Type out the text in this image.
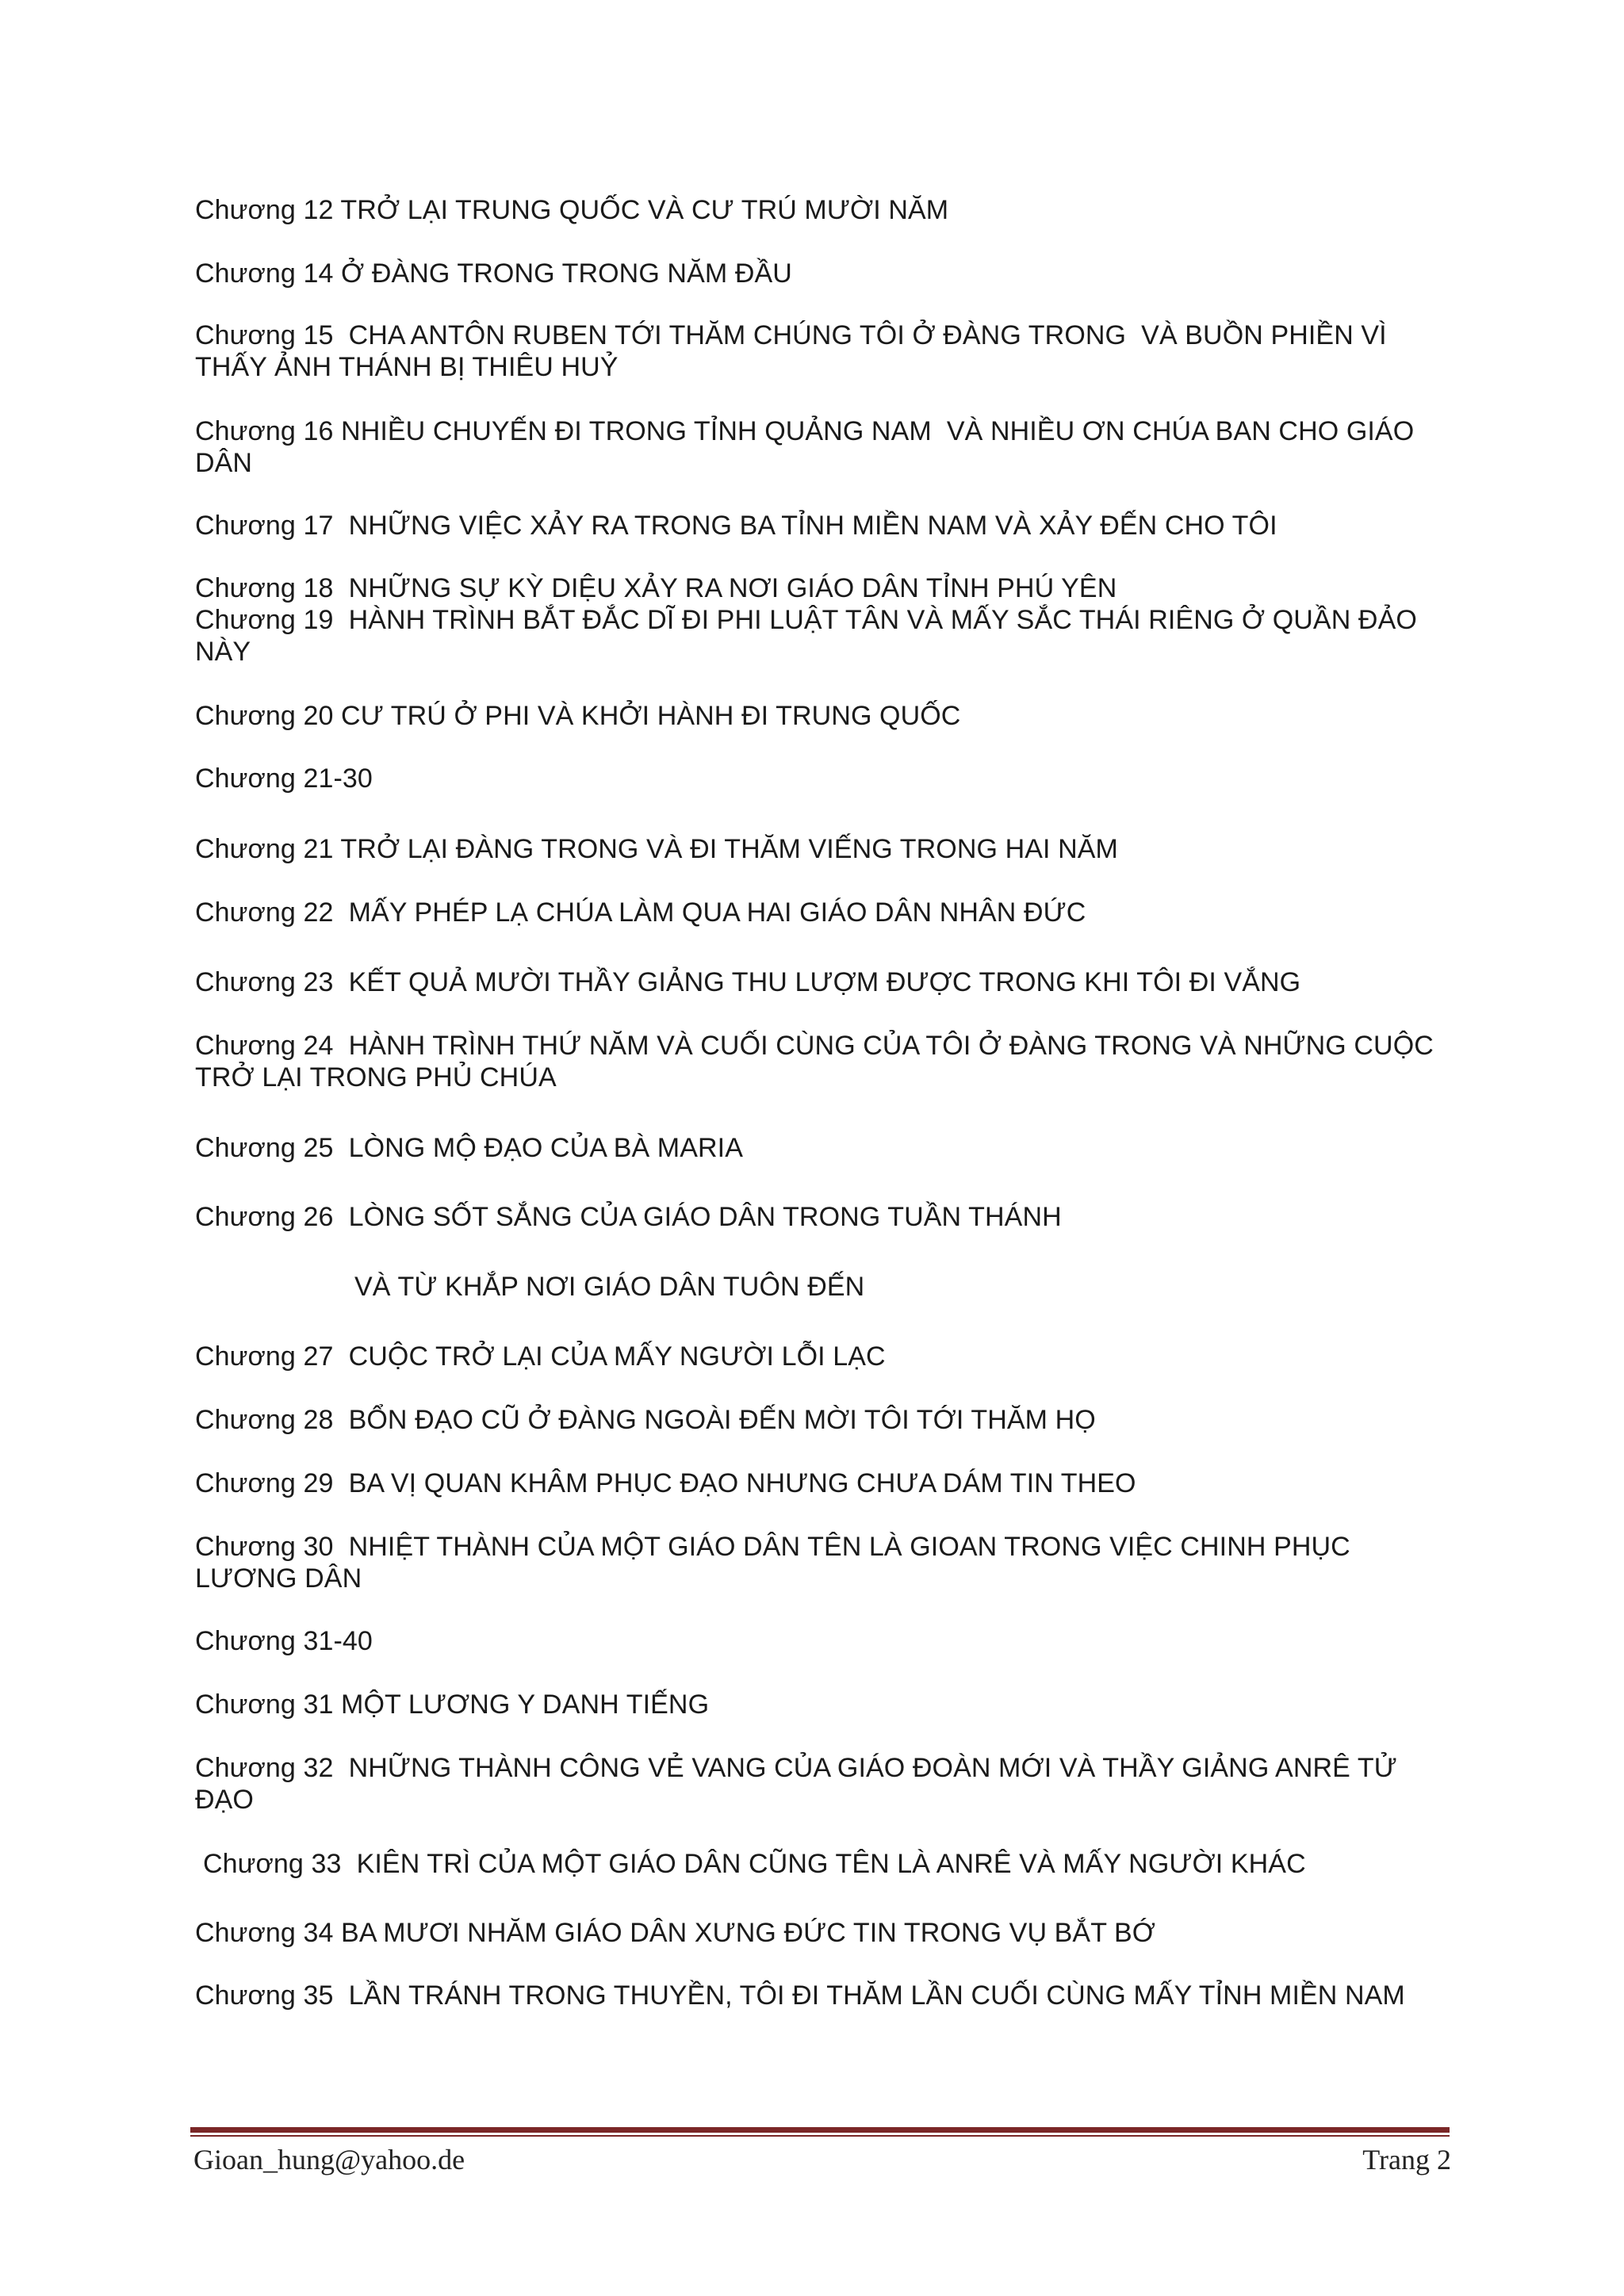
Chương 12 TRỞ LẠI TRUNG QUỐC VÀ CƯ TRÚ MƯỜI NĂM
Chương 14 Ở ĐÀNG TRONG TRONG NĂM ĐẦU
Chương 15  CHA ANTÔN RUBEN TỚI THĂM CHÚNG TÔI Ở ĐÀNG TRONG  VÀ BUỒN PHIỀN VÌ THẤY ẢNH THÁNH BỊ THIÊU HUỶ
Chương 16 NHIỀU CHUYẾN ĐI TRONG TỈNH QUẢNG NAM  VÀ NHIỀU ƠN CHÚA BAN CHO GIÁO DÂN
Chương 17  NHỮNG VIỆC XẢY RA TRONG BA TỈNH MIỀN NAM VÀ XẢY ĐẾN CHO TÔI
Chương 18  NHỮNG SỰ KỲ DIỆU XẢY RA NƠI GIÁO DÂN TỈNH PHÚ YÊN
Chương 19  HÀNH TRÌNH BẮT ĐẮC DĨ ĐI PHI LUẬT TÂN VÀ MẤY SẮC THÁI RIÊNG Ở QUẦN ĐẢO NÀY
Chương 20 CƯ TRÚ Ở PHI VÀ KHỞI HÀNH ĐI TRUNG QUỐC
Chương 21-30
Chương 21 TRỞ LẠI ĐÀNG TRONG VÀ ĐI THĂM VIẾNG TRONG HAI NĂM
Chương 22  MẤY PHÉP LẠ CHÚA LÀM QUA HAI GIÁO DÂN NHÂN ĐỨC
Chương 23  KẾT QUẢ MƯỜI THẦY GIẢNG THU LƯỢM ĐƯỢC TRONG KHI TÔI ĐI VẮNG
Chương 24  HÀNH TRÌNH THỨ NĂM VÀ CUỐI CÙNG CỦA TÔI Ở ĐÀNG TRONG VÀ NHỮNG CUỘC TRỞ LẠI TRONG PHỦ CHÚA
Chương 25  LÒNG MỘ ĐẠO CỦA BÀ MARIA
Chương 26  LÒNG SỐT SẮNG CỦA GIÁO DÂN TRONG TUẦN THÁNH
VÀ TỪ KHẮP NƠI GIÁO DÂN TUÔN ĐẾN
Chương 27  CUỘC TRỞ LẠI CỦA MẤY NGƯỜI LỖI LẠC
Chương 28  BỔN ĐẠO CŨ Ở ĐÀNG NGOÀI ĐẾN MỜI TÔI TỚI THĂM HỌ
Chương 29  BA VỊ QUAN KHÂM PHỤC ĐẠO NHƯNG CHƯA DÁM TIN THEO
Chương 30  NHIỆT THÀNH CỦA MỘT GIÁO DÂN TÊN LÀ GIOAN TRONG VIỆC CHINH PHỤC LƯƠNG DÂN
Chương 31-40
Chương 31 MỘT LƯƠNG Y DANH TIẾNG
Chương 32  NHỮNG THÀNH CÔNG VẺ VANG CỦA GIÁO ĐOÀN MỚI VÀ THẦY GIẢNG ANRÊ TỬ ĐẠO
Chương 33  KIÊN TRÌ CỦA MỘT GIÁO DÂN CŨNG TÊN LÀ ANRÊ VÀ MẤY NGƯỜI KHÁC
Chương 34 BA MƯƠI NHĂM GIÁO DÂN XƯNG ĐỨC TIN TRONG VỤ BẮT BỚ
Chương 35  LẦN TRÁNH TRONG THUYỀN, TÔI ĐI THĂM LẦN CUỐI CÙNG MẤY TỈNH MIỀN NAM
Gioan_hung@yahoo.de	Trang 2
